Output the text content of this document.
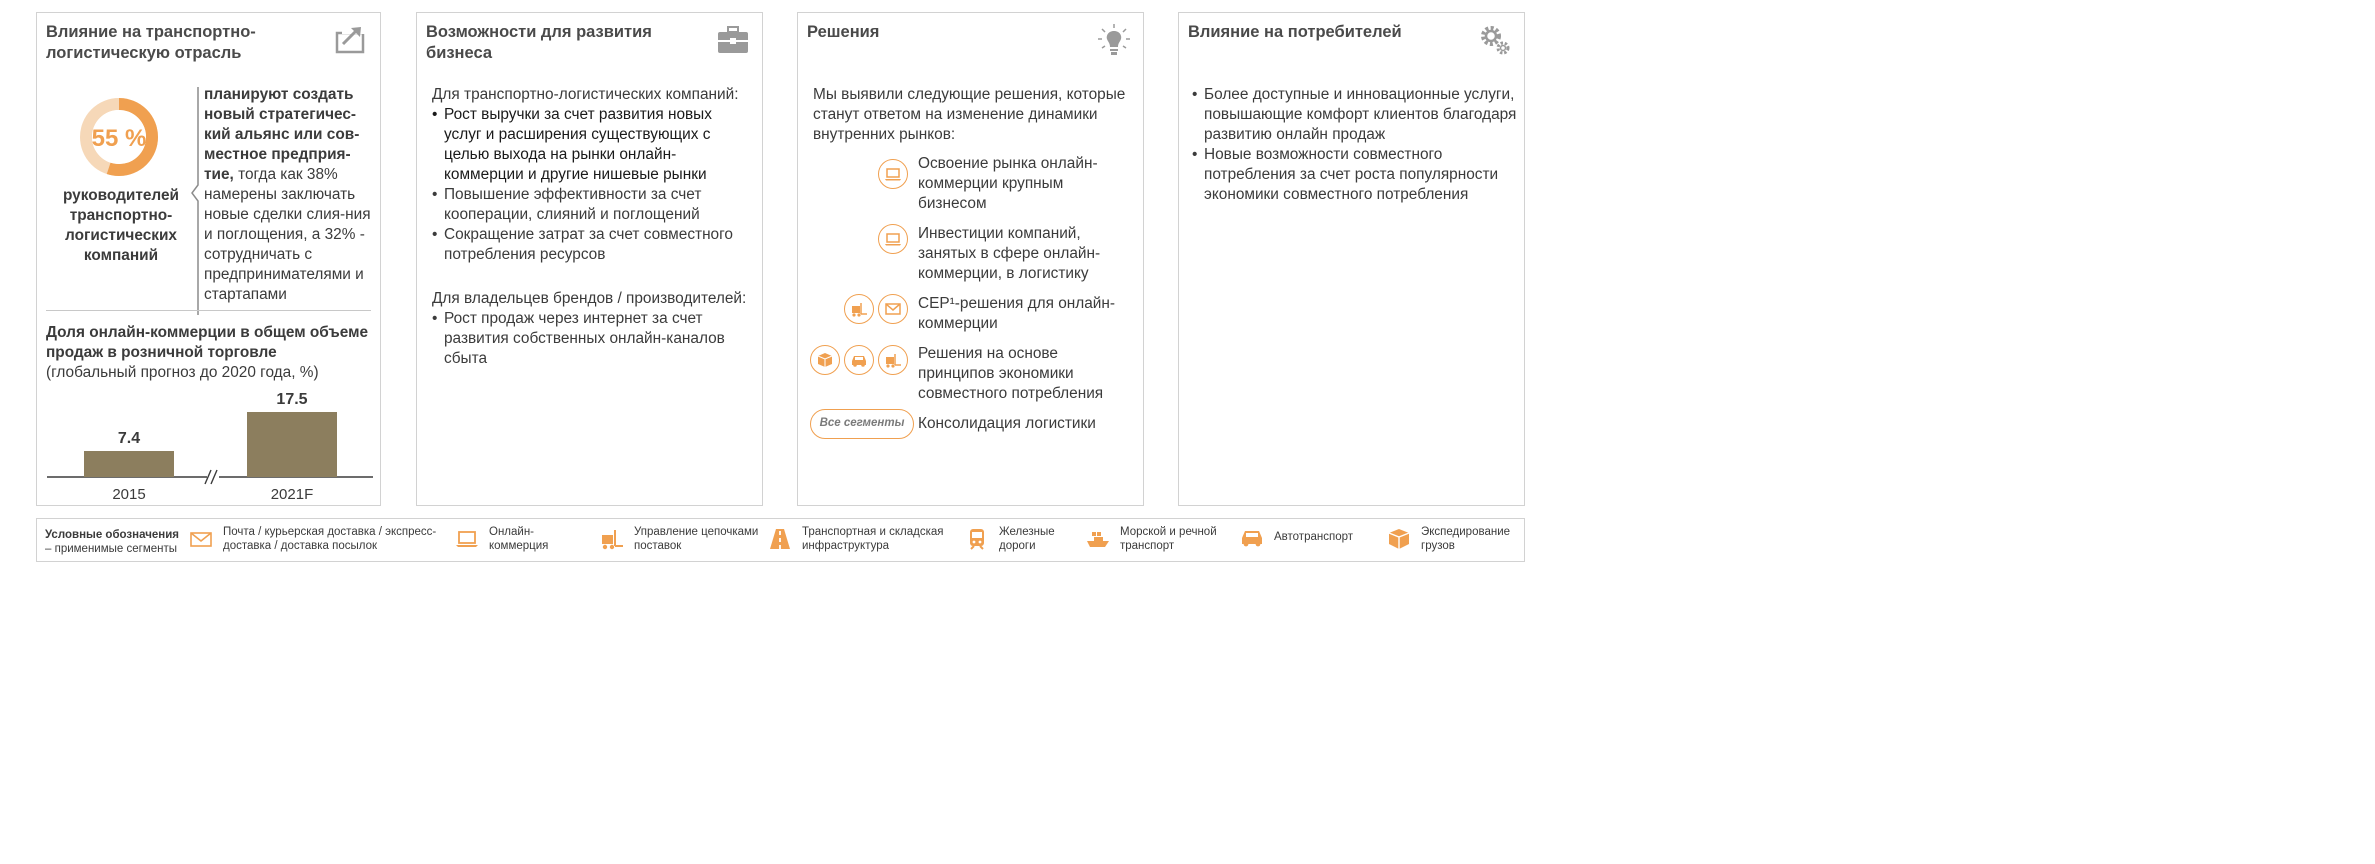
Влияние на транспортно-логистическую отрасль
55 %
руководителей транспортно-логистических компаний
планируют создать новый стратегичес-кий альянс или сов-местное предприя-тие, тогда как 38% намерены заключать новые сделки слия-ния и поглощения, а 32% - сотрудничать с предпринимателями и стартапами
Доля онлайн-коммерции в общем объеме продаж в розничной торговле
(глобальный прогноз до 2020 года, %)
7.4
2015
17.5
2021F
Возможности для развития бизнеса
Для транспортно-логистических компаний:
• Рост выручки за счет развития новых услуг и расширения существующих с целью выхода на рынки онлайн-коммерции и другие нишевые рынки
• Повышение эффективности за счет кооперации, слияний и поглощений
• Сокращение затрат за счет совместного потребления ресурсов
Для владельцев брендов / производителей:
• Рост продаж через интернет за счет развития собственных онлайн-каналов сбыта
Решения
Мы выявили следующие решения, которые станут ответом на изменение динамики внутренних рынков:
Освоение рынка онлайн-коммерции крупным бизнесом
Инвестиции компаний, занятых в сфере онлайн-коммерции, в логистику
CEP¹-решения для онлайн-коммерции
Решения на основе принципов экономики совместного потребления
Все сегменты Консолидация логистики
Влияние на потребителей
• Более доступные и инновационные услуги, повышающие комфорт клиентов благодаря развитию онлайн продаж
• Новые возможности совместного потребления за счет роста популярности экономики совместного потребления
Условные обозначения
– применимые сегменты
Почта / курьерская доставка / экспресс-доставка / доставка посылок
Онлайн-коммерция
Управление цепочками поставок
Транспортная и складская инфраструктура
Железные дороги
Морской и речной транспорт
Автотранспорт	Экспедирование грузов
